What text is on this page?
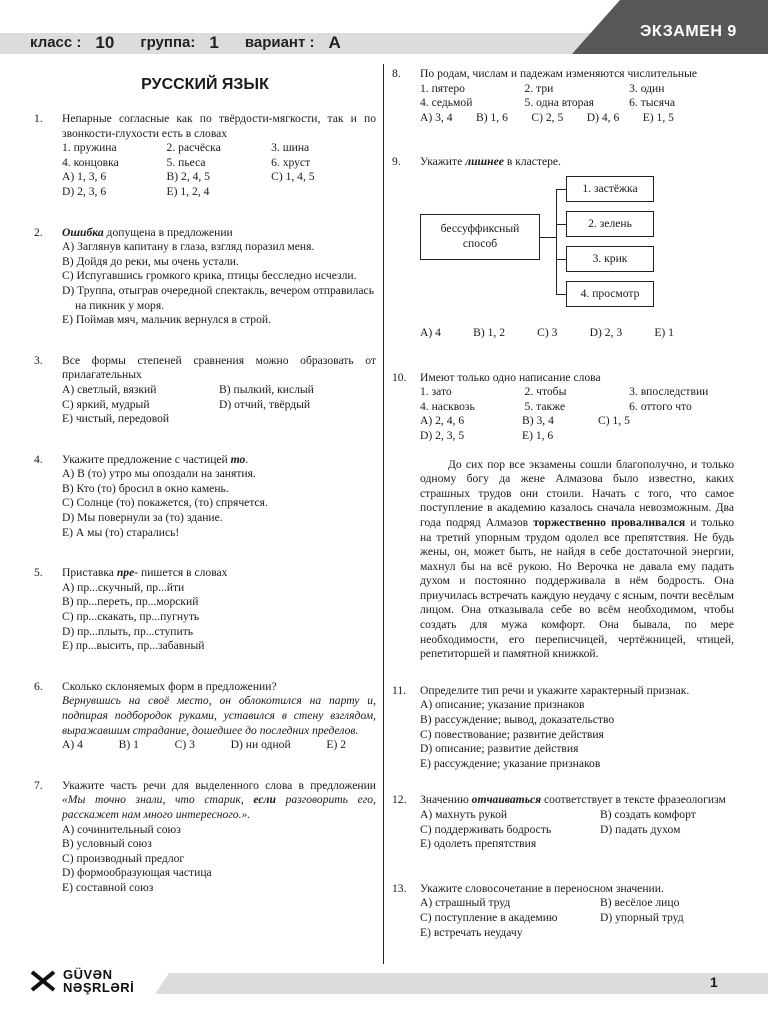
класс : 10 группа: 1 вариант : А
ЭКЗАМЕН 9
РУССКИЙ ЯЗЫК
1.	Непарные согласные как по твёрдости-мягкости, так и по звонкости-глухости есть в словах
1. пружина	2. расчёска	3. шина
4. концовка	5. пьеса	6. хруст
A) 1, 3, 6	B) 2, 4, 5	C) 1, 4, 5
D) 2, 3, 6	E) 1, 2, 4
2.	Ошибка допущена в предложении
A) Заглянув капитану в глаза, взгляд поразил меня.
B) Дойдя до реки, мы очень устали.
C) Испугавшись громкого крика, птицы бесследно исчезли.
D) Труппа, отыграв очередной спектакль, вечером отправилась на пикник у моря.
E) Поймав мяч, мальчик вернулся в строй.
3.	Все формы степеней сравнения можно образовать от прилагательных
A) светлый, вязкий	B) пылкий, кислый
C) яркий, мудрый	D) отчий, твёрдый
E) чистый, передовой
4.	Укажите предложение с частицей то.
A) В (то) утро мы опоздали на занятия.
B) Кто (то) бросил в окно камень.
C) Солнце (то) покажется, (то) спрячется.
D) Мы повернули за (то) здание.
E) А мы (то) старались!
5.	Приставка пре- пишется в словах
A) пр...скучный, пр...йти
B) пр...переть, пр...морский
C) пр...скакать, пр...пугнуть
D) пр...плыть, пр...ступить
E) пр...высить, пр...забавный
6.	Сколько склоняемых форм в предложении?
Вернувшись на своё место, он облокотился на парту и, подпирая подбородок руками, уставился в стену взглядом, выражавшим страдание, дошедшее до последних пределов.
A) 4	B) 1	C) 3	D) ни одной	E) 2
7.	Укажите часть речи для выделенного слова в предложении «Мы точно знали, что старик, если разговорить его, расскажет нам много интересного.».
A) сочинительный союз
B) условный союз
C) производный предлог
D) формообразующая частица
E) составной союз
8.	По родам, числам и падежам изменяются числительные
1. пятеро	2. три	3. один
4. седьмой	5. одна вторая	6. тысяча
A) 3, 4 B) 1, 6 C) 2, 5 D) 4, 6 E) 1, 5
9.	Укажите лишнее в кластере.
бессуффиксный способ
1. застёжка
2. зелень
3. крик
4. просмотр
A) 4	B) 1, 2	C) 3	D) 2, 3	E) 1
10.	Имеют только одно написание слова
1. зато	2. чтобы	3. впоследствии
4. насквозь	5. также	6. оттого что
A) 2, 4, 6	B) 3, 4	C) 1, 5
D) 2, 3, 5	E) 1, 6
До сих пор все экзамены сошли благополучно, и только одному богу да жене Алмазова было известно, каких страшных трудов они стоили. Начать с того, что самое поступление в академию казалось сначала невозможным. Два года подряд Алмазов торжественно проваливался и только на третий упорным трудом одолел все препятствия. Не будь жены, он, может быть, не найдя в себе достаточной энергии, махнул бы на всё рукою. Но Верочка не давала ему падать духом и постоянно поддерживала в нём бодрость. Она приучилась встречать каждую неудачу с ясным, почти весёлым лицом. Она отказывала себе во всём необходимом, чтобы создать для мужа комфорт. Она бывала, по мере необходимости, его переписчицей, чертёжницей, чтицей, репетиторшей и памятной книжкой.
11.	Определите тип речи и укажите характерный признак.
A) описание; указание признаков
B) рассуждение; вывод, доказательство
C) повествование; развитие действия
D) описание; развитие действия
E) рассуждение; указание признаков
12.	Значению отчаиваться соответствует в тексте фразеологизм
A) махнуть рукой	B) создать комфорт
C) поддерживать бодрость	D) падать духом
E) одолеть препятствия
13.	Укажите словосочетание в переносном значении.
A) страшный труд	B) весёлое лицо
C) поступление в академию	D) упорный труд
E) встречать неудачу
GÜVƏN
NƏŞRLƏRİ	1
